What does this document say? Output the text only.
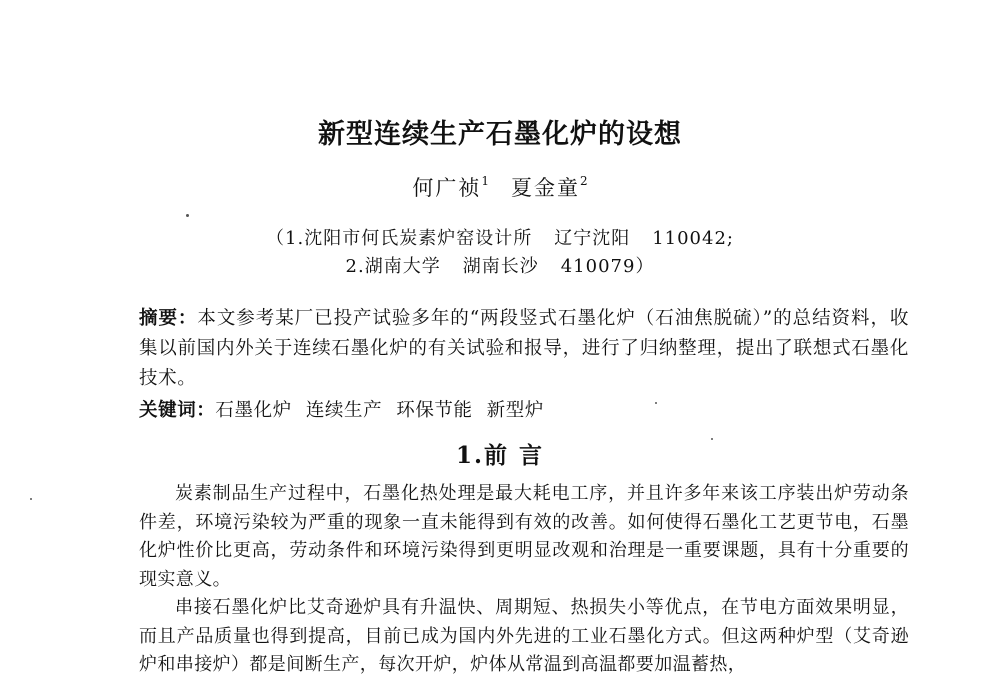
新型连续生产石墨化炉的设想
何广祯$^1$ 夏金童$^2$
（1.沈阳市何氏炭素炉窑设计所 辽宁沈阳 110042;
2.湖南大学 湖南长沙 410079）
摘要：本文参考某厂已投产试验多年的“两段竖式石墨化炉（石油焦脱硫）”的总结资料，收集以前国内外关于连续石墨化炉的有关试验和报导，进行了归纳整理，提出了联想式石墨化技术。
关键词：石墨化炉 连续生产 环保节能 新型炉
1.前 言

炭素制品生产过程中，石墨化热处理是最大耗电工序，并且许多年来该工序装出炉劳动条件差，环境污染较为严重的现象一直未能得到有效的改善。如何使得石墨化工艺更节电，石墨化炉性价比更高，劳动条件和环境污染得到更明显改观和治理是一重要课题，具有十分重要的现实意义。

串接石墨化炉比艾奇逊炉具有升温快、周期短、热损失小等优点，在节电方面效果明显，而且产品质量也得到提高，目前已成为国内外先进的工业石墨化方式。但这两种炉型（艾奇逊炉和串接炉）都是间断生产，每次开炉，炉体从常温到高温都要加温蓄热，
